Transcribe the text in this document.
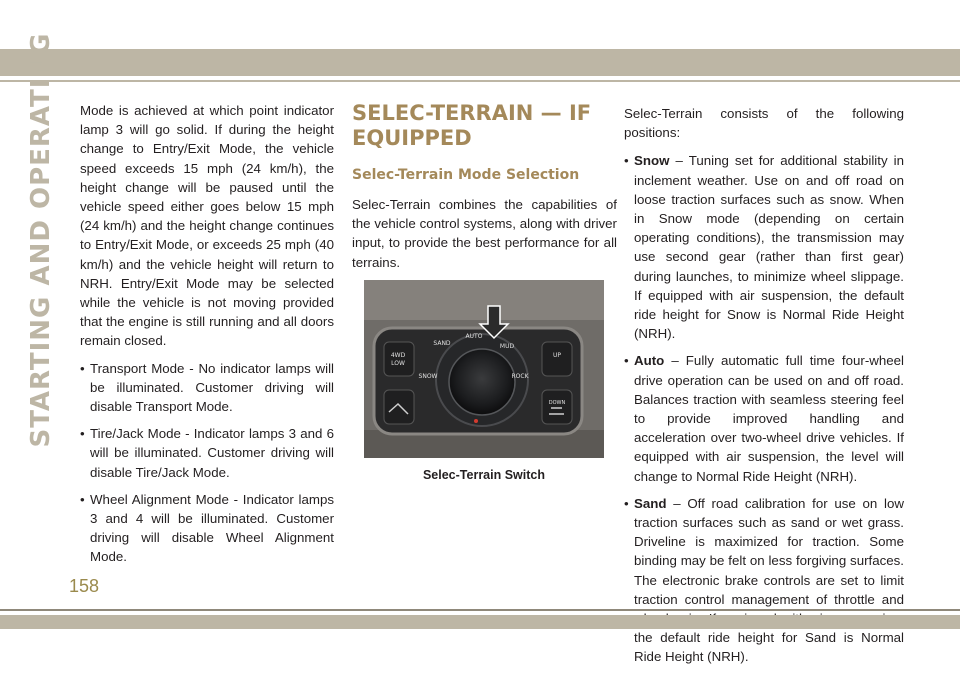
STARTING AND OPERATING Mode is achieved at which point indicator lamp 3 will go solid. If during the height change to Entry/Exit Mode, the vehicle speed exceeds 15 mph (24 km/h), the height change will be paused until the vehicle speed either goes below 15 mph (24 km/h) and the height change continues to Entry/Exit Mode, or exceeds 25 mph (40 km/h) and the vehicle height will return to NRH. Entry/Exit Mode may be selected while the vehicle is not moving provided that the engine is still running and all doors remain closed.

• Transport Mode - No indicator lamps will be illuminated. Customer driving will disable Transport Mode.

• Tire/Jack Mode - Indicator lamps 3 and 6 will be illuminated. Customer driving will disable Tire/Jack Mode.

• Wheel Alignment Mode - Indicator lamps 3 and 4 will be illuminated. Customer driving will disable Wheel Alignment Mode.

SELEC-TERRAIN — IF EQUIPPED
Selec-Terrain Mode Selection

Selec-Terrain combines the capabilities of the vehicle control systems, along with driver input, to provide the best performance for all terrains.

4WD
LOW
UP
DOWN
AUTO
SAND	MUD
SNOW	ROCK
Selec-Terrain Switch

Selec-Terrain consists of the following positions:

• Snow – Tuning set for additional stability in inclement weather. Use on and off road on loose traction surfaces such as snow. When in Snow mode (depending on certain operating conditions), the transmission may use second gear (rather than first gear) during launches, to minimize wheel slippage. If equipped with air suspension, the default ride height for Snow is Normal Ride Height (NRH).

• Auto – Fully automatic full time four-wheel drive operation can be used on and off road. Balances traction with seamless steering feel to provide improved handling and acceleration over two-wheel drive vehicles. If equipped with air suspension, the level will change to Normal Ride Height (NRH).

• Sand – Off road calibration for use on low traction surfaces such as sand or wet grass. Driveline is maximized for traction. Some binding may be felt on less forgiving surfaces. The electronic brake controls are set to limit traction control management of throttle and the default ride height for Sand is Normal Ride Height (NRH).

158
